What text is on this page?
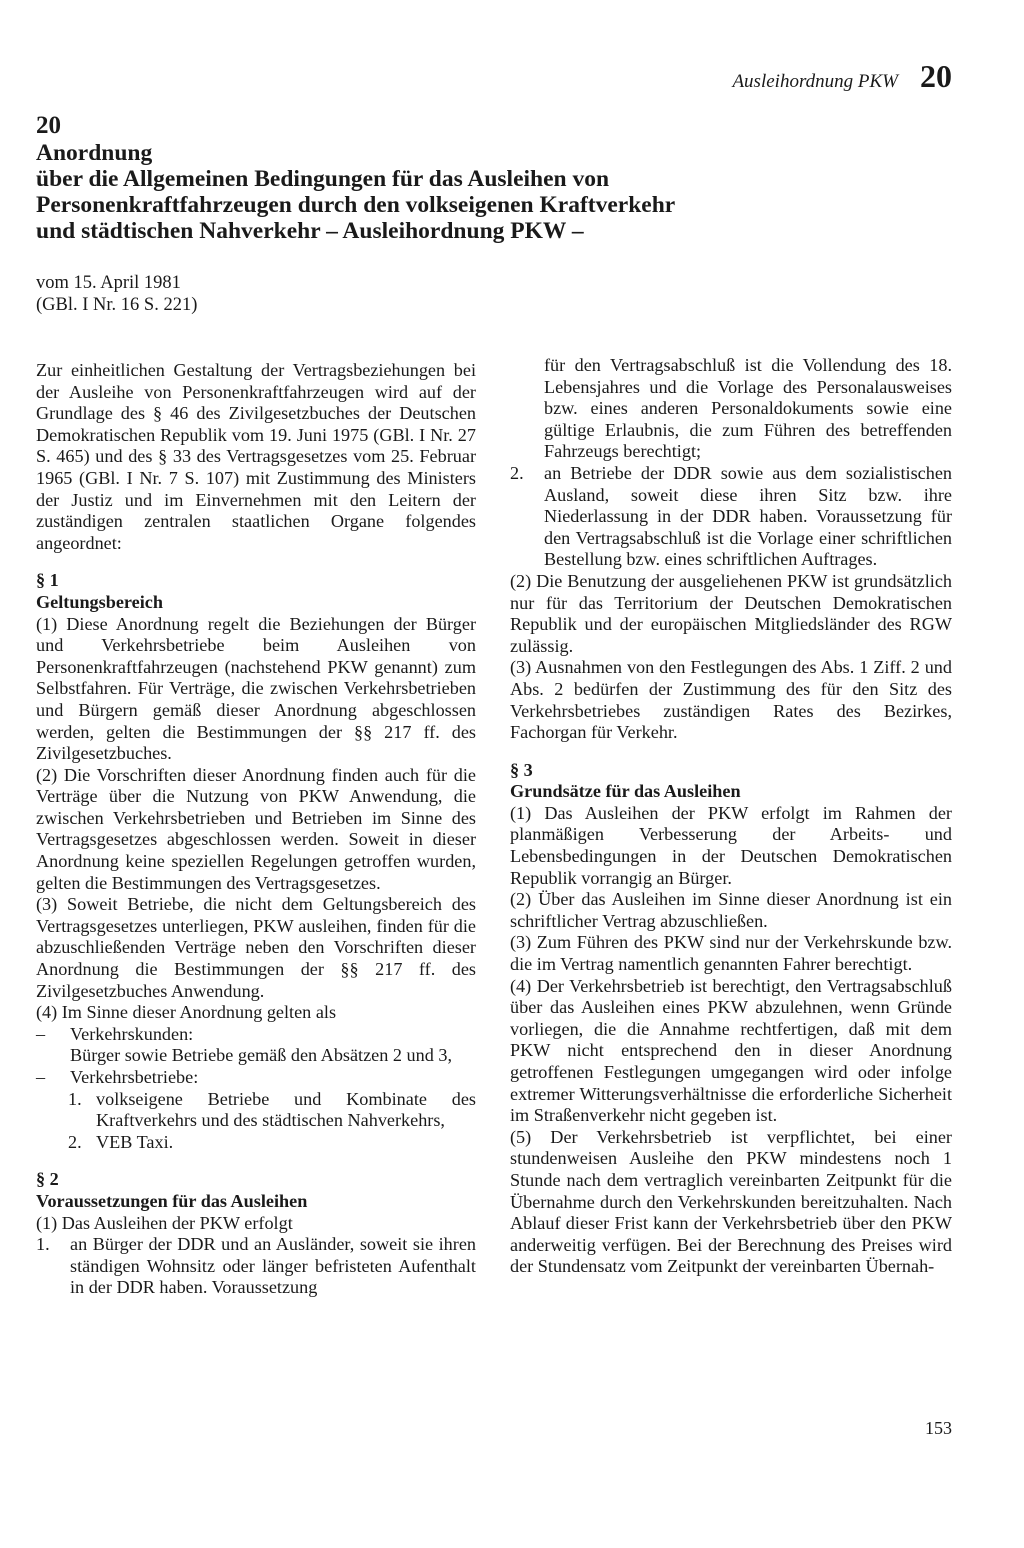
Ausleihordnung PKW 20
20
Anordnung
über die Allgemeinen Bedingungen für das Ausleihen von
Personenkraftfahrzeugen durch den volkseigenen Kraftverkehr
und städtischen Nahverkehr – Ausleihordnung PKW –
vom 15. April 1981
(GBl. I Nr. 16 S. 221)

Zur einheitlichen Gestaltung der Vertragsbeziehungen bei der Ausleihe von Personenkraftfahrzeugen wird auf der Grundlage des § 46 des Zivilgesetzbuches der Deutschen Demokratischen Republik vom 19. Juni 1975 (GBl. I Nr. 27 S. 465) und des § 33 des Vertragsgesetzes vom 25. Februar 1965 (GBl. I Nr. 7 S. 107) mit Zustimmung des Ministers der Justiz und im Einvernehmen mit den Leitern der zuständigen zentralen staatlichen Organe folgendes angeordnet:

§ 1
Geltungsbereich

(1) Diese Anordnung regelt die Beziehungen der Bürger und Verkehrsbetriebe beim Ausleihen von Personenkraftfahrzeugen (nachstehend PKW genannt) zum Selbstfahren. Für Verträge, die zwischen Verkehrsbetrieben und Bürgern gemäß dieser Anordnung abgeschlossen werden, gelten die Bestimmungen der §§ 217 ff. des Zivilgesetzbuches.

(2) Die Vorschriften dieser Anordnung finden auch für die Verträge über die Nutzung von PKW Anwendung, die zwischen Verkehrsbetrieben und Betrieben im Sinne des Vertragsgesetzes abgeschlossen werden. Soweit in dieser Anordnung keine speziellen Regelungen getroffen wurden, gelten die Bestimmungen des Vertragsgesetzes.

(3) Soweit Betriebe, die nicht dem Geltungsbereich des Vertragsgesetzes unterliegen, PKW ausleihen, finden für die abzuschließenden Verträge neben den Vorschriften dieser Anordnung die Bestimmungen der §§ 217 ff. des Zivilgesetzbuches Anwendung.

(4) Im Sinne dieser Anordnung gelten als

–	Verkehrskunden:

Bürger sowie Betriebe gemäß den Absätzen 2 und 3,

–	Verkehrsbetriebe:
1. volkseigene Betriebe und Kombinate des Kraftverkehrs und des städtischen Nahverkehrs,
2. VEB Taxi.
§ 2
Voraussetzungen für das Ausleihen

(1) Das Ausleihen der PKW erfolgt

1.	an Bürger der DDR und an Ausländer, soweit sie ihren ständigen Wohnsitz oder länger befristeten Aufenthalt in der DDR haben. Voraussetzung

für den Vertragsabschluß ist die Vollendung des 18. Lebensjahres und die Vorlage des Personalausweises bzw. eines anderen Personaldokuments sowie eine gültige Erlaubnis, die zum Führen des betreffenden Fahrzeugs berechtigt;

2.	an Betriebe der DDR sowie aus dem sozialistischen Ausland, soweit diese ihren Sitz bzw. ihre Niederlassung in der DDR haben. Voraussetzung für den Vertragsabschluß ist die Vorlage einer schriftlichen Bestellung bzw. eines schriftlichen Auftrages.

(2) Die Benutzung der ausgeliehenen PKW ist grundsätzlich nur für das Territorium der Deutschen Demokratischen Republik und der europäischen Mitgliedsländer des RGW zulässig.

(3) Ausnahmen von den Festlegungen des Abs. 1 Ziff. 2 und Abs. 2 bedürfen der Zustimmung des für den Sitz des Verkehrsbetriebes zuständigen Rates des Bezirkes, Fachorgan für Verkehr.

§ 3
Grundsätze für das Ausleihen

(1) Das Ausleihen der PKW erfolgt im Rahmen der planmäßigen Verbesserung der Arbeits- und Lebensbedingungen in der Deutschen Demokratischen Republik vorrangig an Bürger.

(2) Über das Ausleihen im Sinne dieser Anordnung ist ein schriftlicher Vertrag abzuschließen.

(3) Zum Führen des PKW sind nur der Verkehrskunde bzw. die im Vertrag namentlich genannten Fahrer berechtigt.

(4) Der Verkehrsbetrieb ist berechtigt, den Vertragsabschluß über das Ausleihen eines PKW abzulehnen, wenn Gründe vorliegen, die die Annahme rechtfertigen, daß mit dem PKW nicht entsprechend den in dieser Anordnung getroffenen Festlegungen umgegangen wird oder infolge extremer Witterungsverhältnisse die erforderliche Sicherheit im Straßenverkehr nicht gegeben ist.

(5) Der Verkehrsbetrieb ist verpflichtet, bei einer stundenweisen Ausleihe den PKW mindestens noch 1 Stunde nach dem vertraglich vereinbarten Zeitpunkt für die Übernahme durch den Verkehrskunden bereitzuhalten. Nach Ablauf dieser Frist kann der Verkehrsbetrieb über den PKW anderweitig verfügen. Bei der Berechnung des Preises wird der Stundensatz vom Zeitpunkt der vereinbarten Übernah-

153
